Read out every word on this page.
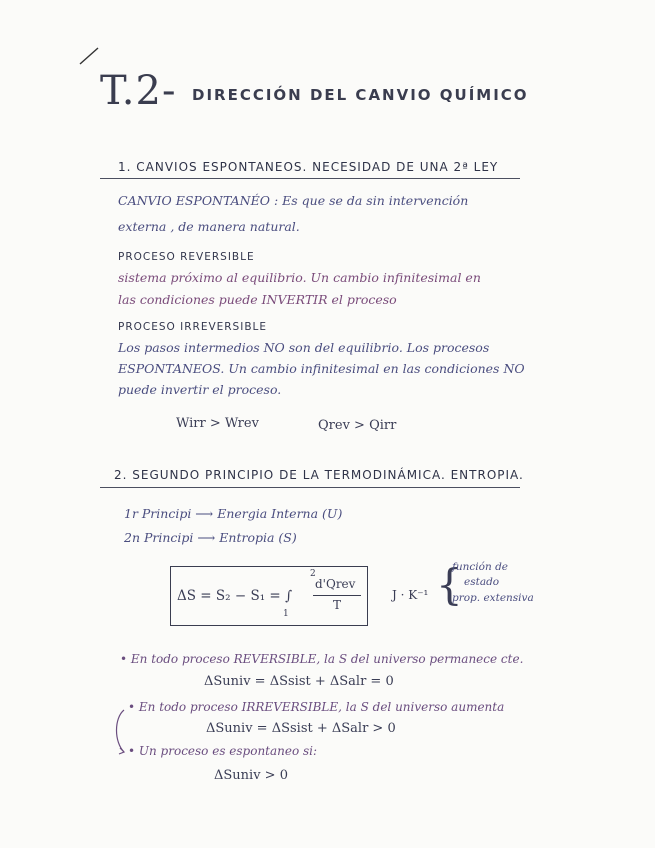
T.2- DIRECCIÓN DEL CANVIO QUÍMICO
1. CANVIOS ESPONTANEOS. NECESIDAD DE UNA 2ª LEY
CANVIO ESPONTANÉO : Es que se da sin intervención
externa , de manera natural.
PROCESO REVERSIBLE
sistema próximo al equilibrio. Un cambio infinitesimal en
las condiciones puede INVERTIR el proceso
PROCESO IRREVERSIBLE
Los pasos intermedios NO son del equilibrio. Los procesos
ESPONTANEOS. Un cambio infinitesimal en las condiciones NO
puede invertir el proceso.
Wirr > Wrev	Qrev > Qirr
2. SEGUNDO PRINCIPIO DE LA TERMODINÁMICA. ENTROPIA.
1r Principi ⟶ Energia Interna (U)
2n Principi ⟶ Entropia (S)
ΔS = S₂ − S₁ = ∫
2
1
d'Qrev
T
J · K⁻¹ {
función de
estado
prop. extensiva
• En todo proceso REVERSIBLE, la S del universo permanece cte.
ΔSuniv = ΔSsist + ΔSalr = 0
• En todo proceso IRREVERSIBLE, la S del universo aumenta
ΔSuniv = ΔSsist + ΔSalr > 0
• Un proceso es espontaneo si:
ΔSuniv > 0
